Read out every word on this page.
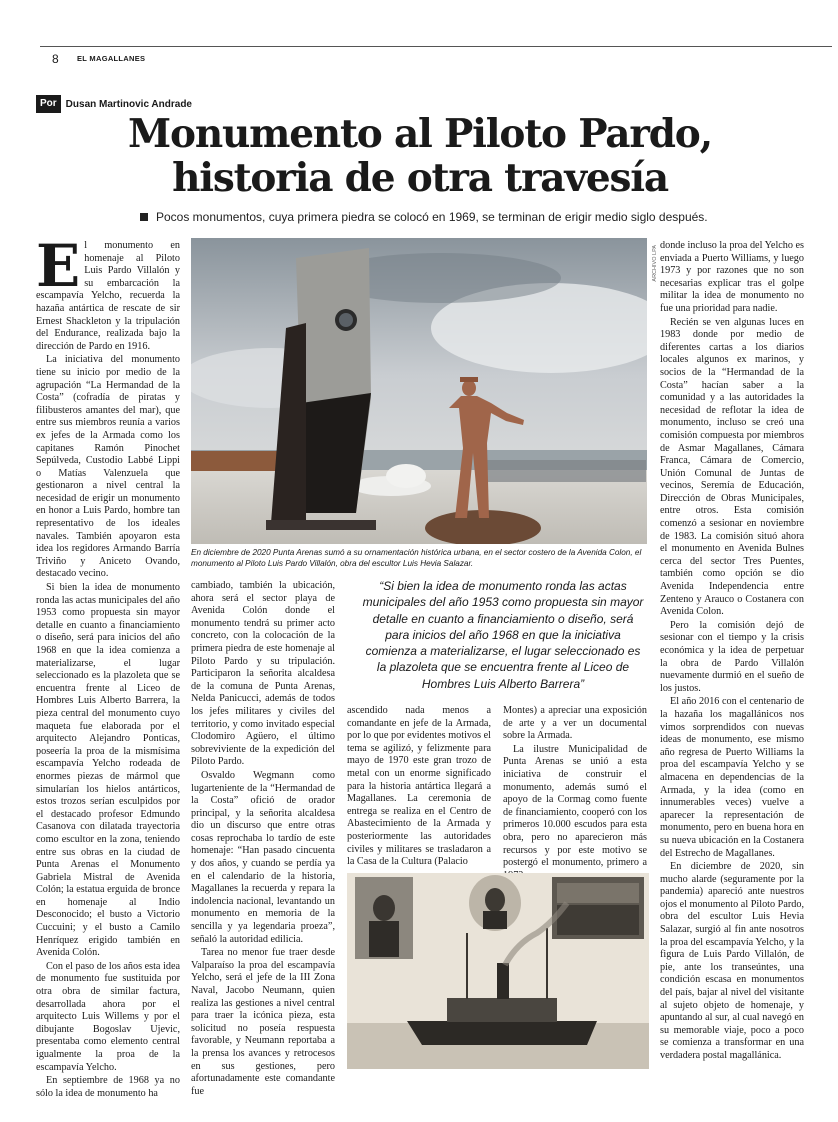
8 EL MAGALLANES
Por Dusan Martinovic Andrade
Monumento al Piloto Pardo,
historia de otra travesía
Pocos monumentos, cuya primera piedra se colocó en 1969, se terminan de erigir medio siglo después.

El monumento en homenaje al Piloto Luis Pardo Villalón y su embarcación la escampavía Yelcho, recuerda la hazaña antártica de rescate de sir Ernest Shackleton y la tripulación del Endurance, realizada bajo la dirección de Pardo en 1916.

La iniciativa del monumento tiene su inicio por medio de la agrupación “La Hermandad de la Costa” (cofradía de piratas y filibusteros amantes del mar), que entre sus miembros reunía a varios ex jefes de la Armada como los capitanes Ramón Pinochet Sepúlveda, Custodio Labbé Lippi o Matías Valenzuela que gestionaron a nivel central la necesidad de erigir un monumento en honor a Luis Pardo, hombre tan representativo de los ideales navales. También apoyaron esta idea los regidores Armando Barría Triviño y Aniceto Ovando, destacado vecino.

Si bien la idea de monumento ronda las actas municipales del año 1953 como propuesta sin mayor detalle en cuanto a financiamiento o diseño, será para inicios del año 1968 en que la idea comienza a materializarse, el lugar seleccionado es la plazoleta que se encuentra frente al Liceo de Hombres Luis Alberto Barrera, la pieza central del monumento cuyo maqueta fue elaborada por el arquitecto Alejandro Ponticas, poseería la proa de la mismísima escampavía Yelcho rodeada de enormes piezas de mármol que simularían los hielos antárticos, estos trozos serían esculpidos por el destacado profesor Edmundo Casanova con dilatada trayectoria como escultor en la zona, teniendo entre sus obras en la ciudad de Punta Arenas el Monumento Gabriela Mistral de Avenida Colón; la estatua erguida de bronce en homenaje al Indio Desconocido; el busto a Victorio Cuccuini; y el busto a Camilo Henríquez erigido también en Avenida Colón.

Con el paso de los años esta idea de monumento fue sustituida por otra obra de similar factura, desarrollada ahora por el arquitecto Luis Willems y por el dibujante Bogoslav Ujevic, presentaba como elemento central igualmente la proa de la escampavía Yelcho.

En septiembre de 1968 ya no sólo la idea de monumento ha

ARCHIVO LPA
En diciembre de 2020 Punta Arenas sumó a su ornamentación histórica urbana, en el sector costero de la Avenida Colon, el monumento al Piloto Luis Pardo Villalón, obra del escultor Luis Hevia Salazar.
“Si bien la idea de monumento ronda las actas municipales del año 1953 como propuesta sin mayor detalle en cuanto a financiamiento o diseño, será para inicios del año 1968 en que la iniciativa comienza a materializarse, el lugar seleccionado es la plazoleta que se encuentra frente al Liceo de Hombres Luis Alberto Barrera”

cambiado, también la ubicación, ahora será el sector playa de Avenida Colón donde el monumento tendrá su primer acto concreto, con la colocación de la primera piedra de este homenaje al Piloto Pardo y su tripulación. Participaron la señorita alcaldesa de la comuna de Punta Arenas, Nelda Panicucci, además de todos los jefes militares y civiles del territorio, y como invitado especial Clodomiro Agüero, el último sobreviviente de la expedición del Piloto Pardo.

Osvaldo Wegmann como lugarteniente de la “Hermandad de la Costa” ofició de orador principal, y la señorita alcaldesa dio un discurso que entre otras cosas reprochaba lo tardío de este homenaje: “Han pasado cincuenta y dos años, y cuando se perdía ya en el calendario de la historia, Magallanes la recuerda y repara la indolencia nacional, levantando un monumento en memoria de la sencilla y ya legendaria proeza”, señaló la autoridad edilicia.

Tarea no menor fue traer desde Valparaíso la proa del escampavía Yelcho, será el jefe de la III Zona Naval, Jacobo Neumann, quien realiza las gestiones a nivel central para traer la icónica pieza, esta solicitud no poseía respuesta favorable, y Neumann reportaba a la prensa los avances y retrocesos en sus gestiones, pero afortunadamente este comandante fue

ascendido nada menos a comandante en jefe de la Armada, por lo que por evidentes motivos el tema se agilizó, y felizmente para mayo de 1970 este gran trozo de metal con un enorme significado para la historia antártica llegará a Magallanes. La ceremonia de entrega se realiza en el Centro de Abastecimiento de la Armada y posteriormente las autoridades civiles y militares se trasladaron a la Casa de la Cultura (Palacio

Montes) a apreciar una exposición de arte y a ver un documental sobre la Armada.

La ilustre Municipalidad de Punta Arenas se unió a esta iniciativa de construir el monumento, además sumó el apoyo de la Cormag como fuente de financiamiento, cooperó con los primeros 10.000 escudos para esta obra, pero no aparecieron más recursos y por este motivo se postergó el monumento, primero a

donde incluso la proa del Yelcho es enviada a Puerto Williams, y luego 1973 y por razones que no son necesarias explicar tras el golpe militar la idea de monumento no fue una prioridad para nadie.

Recién se ven algunas luces en 1983 donde por medio de diferentes cartas a los diarios locales algunos ex marinos, y socios de la “Hermandad de la Costa” hacían saber a la comunidad y a las autoridades la necesidad de reflotar la idea de monumento, incluso se creó una comisión compuesta por miembros de Asmar Magallanes, Cámara Franca, Cámara de Comercio, Unión Comunal de Juntas de vecinos, Seremía de Educación, Dirección de Obras Municipales, entre otros. Esta comisión comenzó a sesionar en noviembre de 1983. La comisión situó ahora el monumento en Avenida Bulnes cerca del sector Tres Puentes, también como opción se dio Avenida Independencia entre Zenteno y Arauco o Costanera con Avenida Colon.

Pero la comisión dejó de sesionar con el tiempo y la crisis económica y la idea de perpetuar la obra de Pardo Villalón nuevamente durmió en el sueño de los justos.

El año 2016 con el centenario de la hazaña los magallánicos nos vimos sorprendidos con nuevas ideas de monumento, ese mismo año regresa de Puerto Williams la proa del escampavía Yelcho y se almacena en dependencias de la Armada, y la idea (como en innumerables veces) vuelve a aparecer la representación de monumento, pero en buena hora en su nueva ubicación en la Costanera del Estrecho de Magallanes.

En diciembre de 2020, sin mucho alarde (seguramente por la pandemia) apareció ante nuestros ojos el monumento al Piloto Pardo, obra del escultor Luis Hevia Salazar, surgió al fin ante nosotros la proa del escampavía Yelcho, y la figura de Luis Pardo Villalón, de pie, ante los transeúntes, una condición escasa en monumentos del país, bajar al nivel del visitante al sujeto objeto de homenaje, y apuntando al sur, al cual navegó en su memorable viaje, poco a poco se comienza a transformar en una verdadera postal magallánica.
